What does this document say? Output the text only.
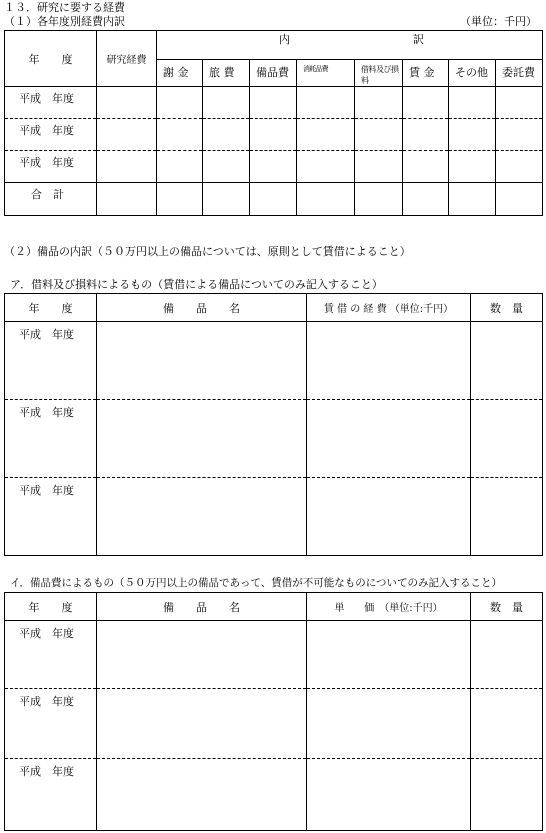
１３．研究に要する経費
（１）各年度別経費内訳	（単位：千円）
年　　度	研究経費	内 訳							

		謝 金	旅 費	備品費	消耗品費	借料及び損料	賃 金	その他	委託費
平成　年度									
平成　年度									
平成　年度									
合　計									
（２）備品の内訳（５０万円以上の備品については、原則として賃借によること）
ア．借料及び損料によるもの（賃借による備品についてのみ記入すること）
年　　度	備　　品　　名	賃 借 の 経 費 （単位:千円）	数　量
平成　年度			
平成　年度			
平成　年度			
イ．備品費によるもの（５０万円以上の備品であって、賃借が不可能なものについてのみ記入すること）
年　　度	備　　品　　名	単　　価　（単位:千円）	数　量
平成　年度			
平成　年度			
平成　年度			
